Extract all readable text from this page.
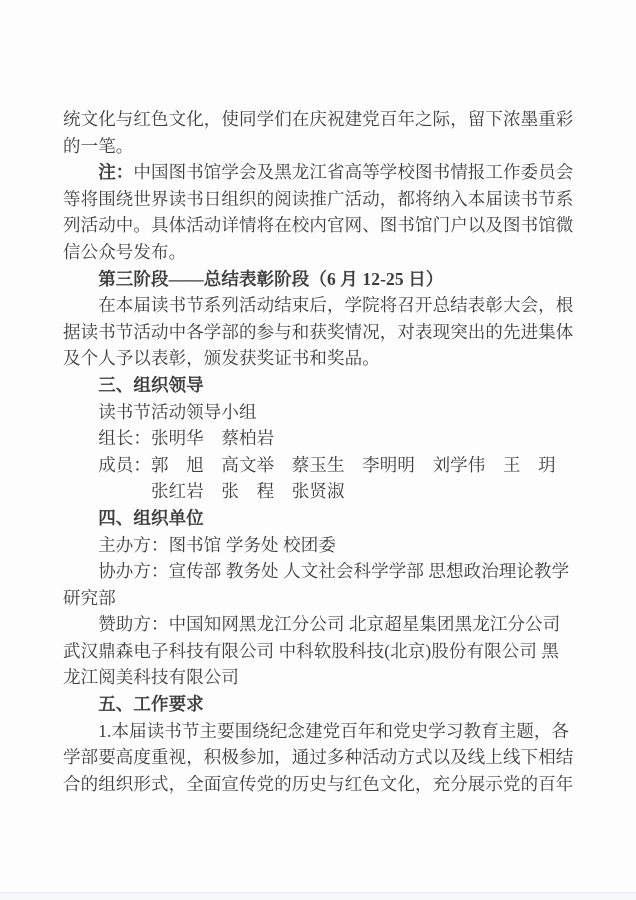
统文化与红色文化，使同学们在庆祝建党百年之际，留下浓墨重彩
的一笔。
注：中国图书馆学会及黑龙江省高等学校图书情报工作委员会
等将围绕世界读书日组织的阅读推广活动，都将纳入本届读书节系
列活动中。具体活动详情将在校内官网、图书馆门户以及图书馆微
信公众号发布。
第三阶段——总结表彰阶段（6 月 12-25 日）
在本届读书节系列活动结束后，学院将召开总结表彰大会，根
据读书节活动中各学部的参与和获奖情况，对表现突出的先进集体
及个人予以表彰，颁发获奖证书和奖品。
三、组织领导
读书节活动领导小组
组长：张明华　蔡柏岩
成员：郭　旭　高文举　蔡玉生　李明明　刘学伟　王　玥
张红岩　张　程　张贤淑
四、组织单位
主办方：图书馆 学务处 校团委
协办方：宣传部 教务处 人文社会科学学部 思想政治理论教学
研究部
赞助方：中国知网黑龙江分公司 北京超星集团黑龙江分公司
武汉鼎森电子科技有限公司 中科软股科技(北京)股份有限公司 黑
龙江阅美科技有限公司
五、工作要求
1.本届读书节主要围绕纪念建党百年和党史学习教育主题，各
学部要高度重视，积极参加，通过多种活动方式以及线上线下相结
合的组织形式，全面宣传党的历史与红色文化，充分展示党的百年
